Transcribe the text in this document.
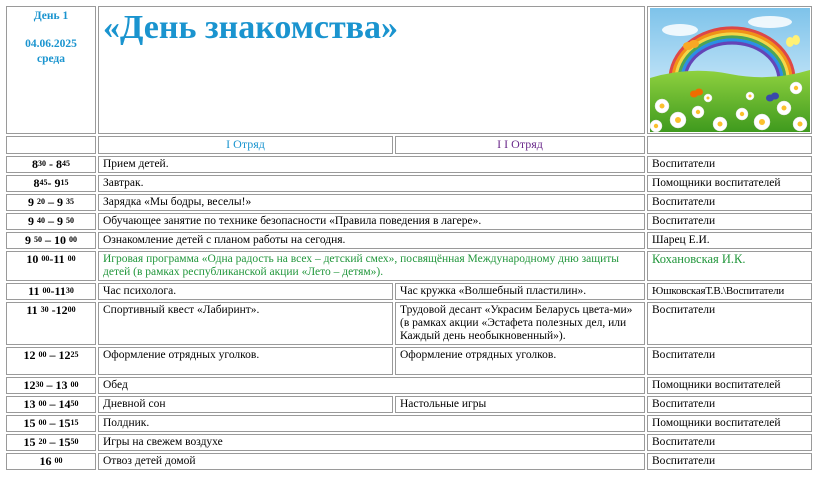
День 1
04.06.2025
среда	«День знакомства»	

	I Отряд	I I Отряд	
$8^{30} - 8^{45}$	Прием детей.		Воспитатели
$8^{45}-$ $9^{15}$	Завтрак.		Помощники воспитателей
9 $^{20}$ – 9 $^{35}$	Зарядка «Мы бодры, веселы!»		Воспитатели
9 $^{40}$ – 9 $^{50}$	Обучающее занятие по технике безопасности «Правила поведения в лагере».		Воспитатели
9 $^{50}$ – 10 $^{00}$	Ознакомление детей с планом работы на сегодня.		Шарец Е.И.
10 $^{00}$-11 $^{00}$	Игровая программа «Одна радость на всех – детский смех», посвящённая Международному дню защиты детей (в рамках республиканской акции «Лето – детям»).		Кохановская И.К.
11 $^{00}-11^{30}$	Час психолога.	Час кружка «Волшебный пластилин».	ЮшковскаяТ.В.\Воспитатели
11 $^{30}$ $-12^{00}$	Спортивный квест «Лабиринт».	Трудовой десант «Украсим Беларусь цвета-ми» (в рамках акции «Эстафета полезных дел, или Каждый день необыкновенный»).	Воспитатели
12 $^{00} - 12^{25}$	Оформление отрядных уголков.	Оформление отрядных уголков.	Воспитатели
$12^{30} - 13$ $^{00}$	Обед		Помощники воспитателей
13 $^{00} - 14^{50}$	Дневной сон	Настольные игры	Воспитатели
15 $^{00} - 15^{15}$	Полдник.		Помощники воспитателей
15 $^{20} - 15^{50}$	Игры на свежем воздухе		Воспитатели
16 $^{00}$	Отвоз детей домой		Воспитатели
